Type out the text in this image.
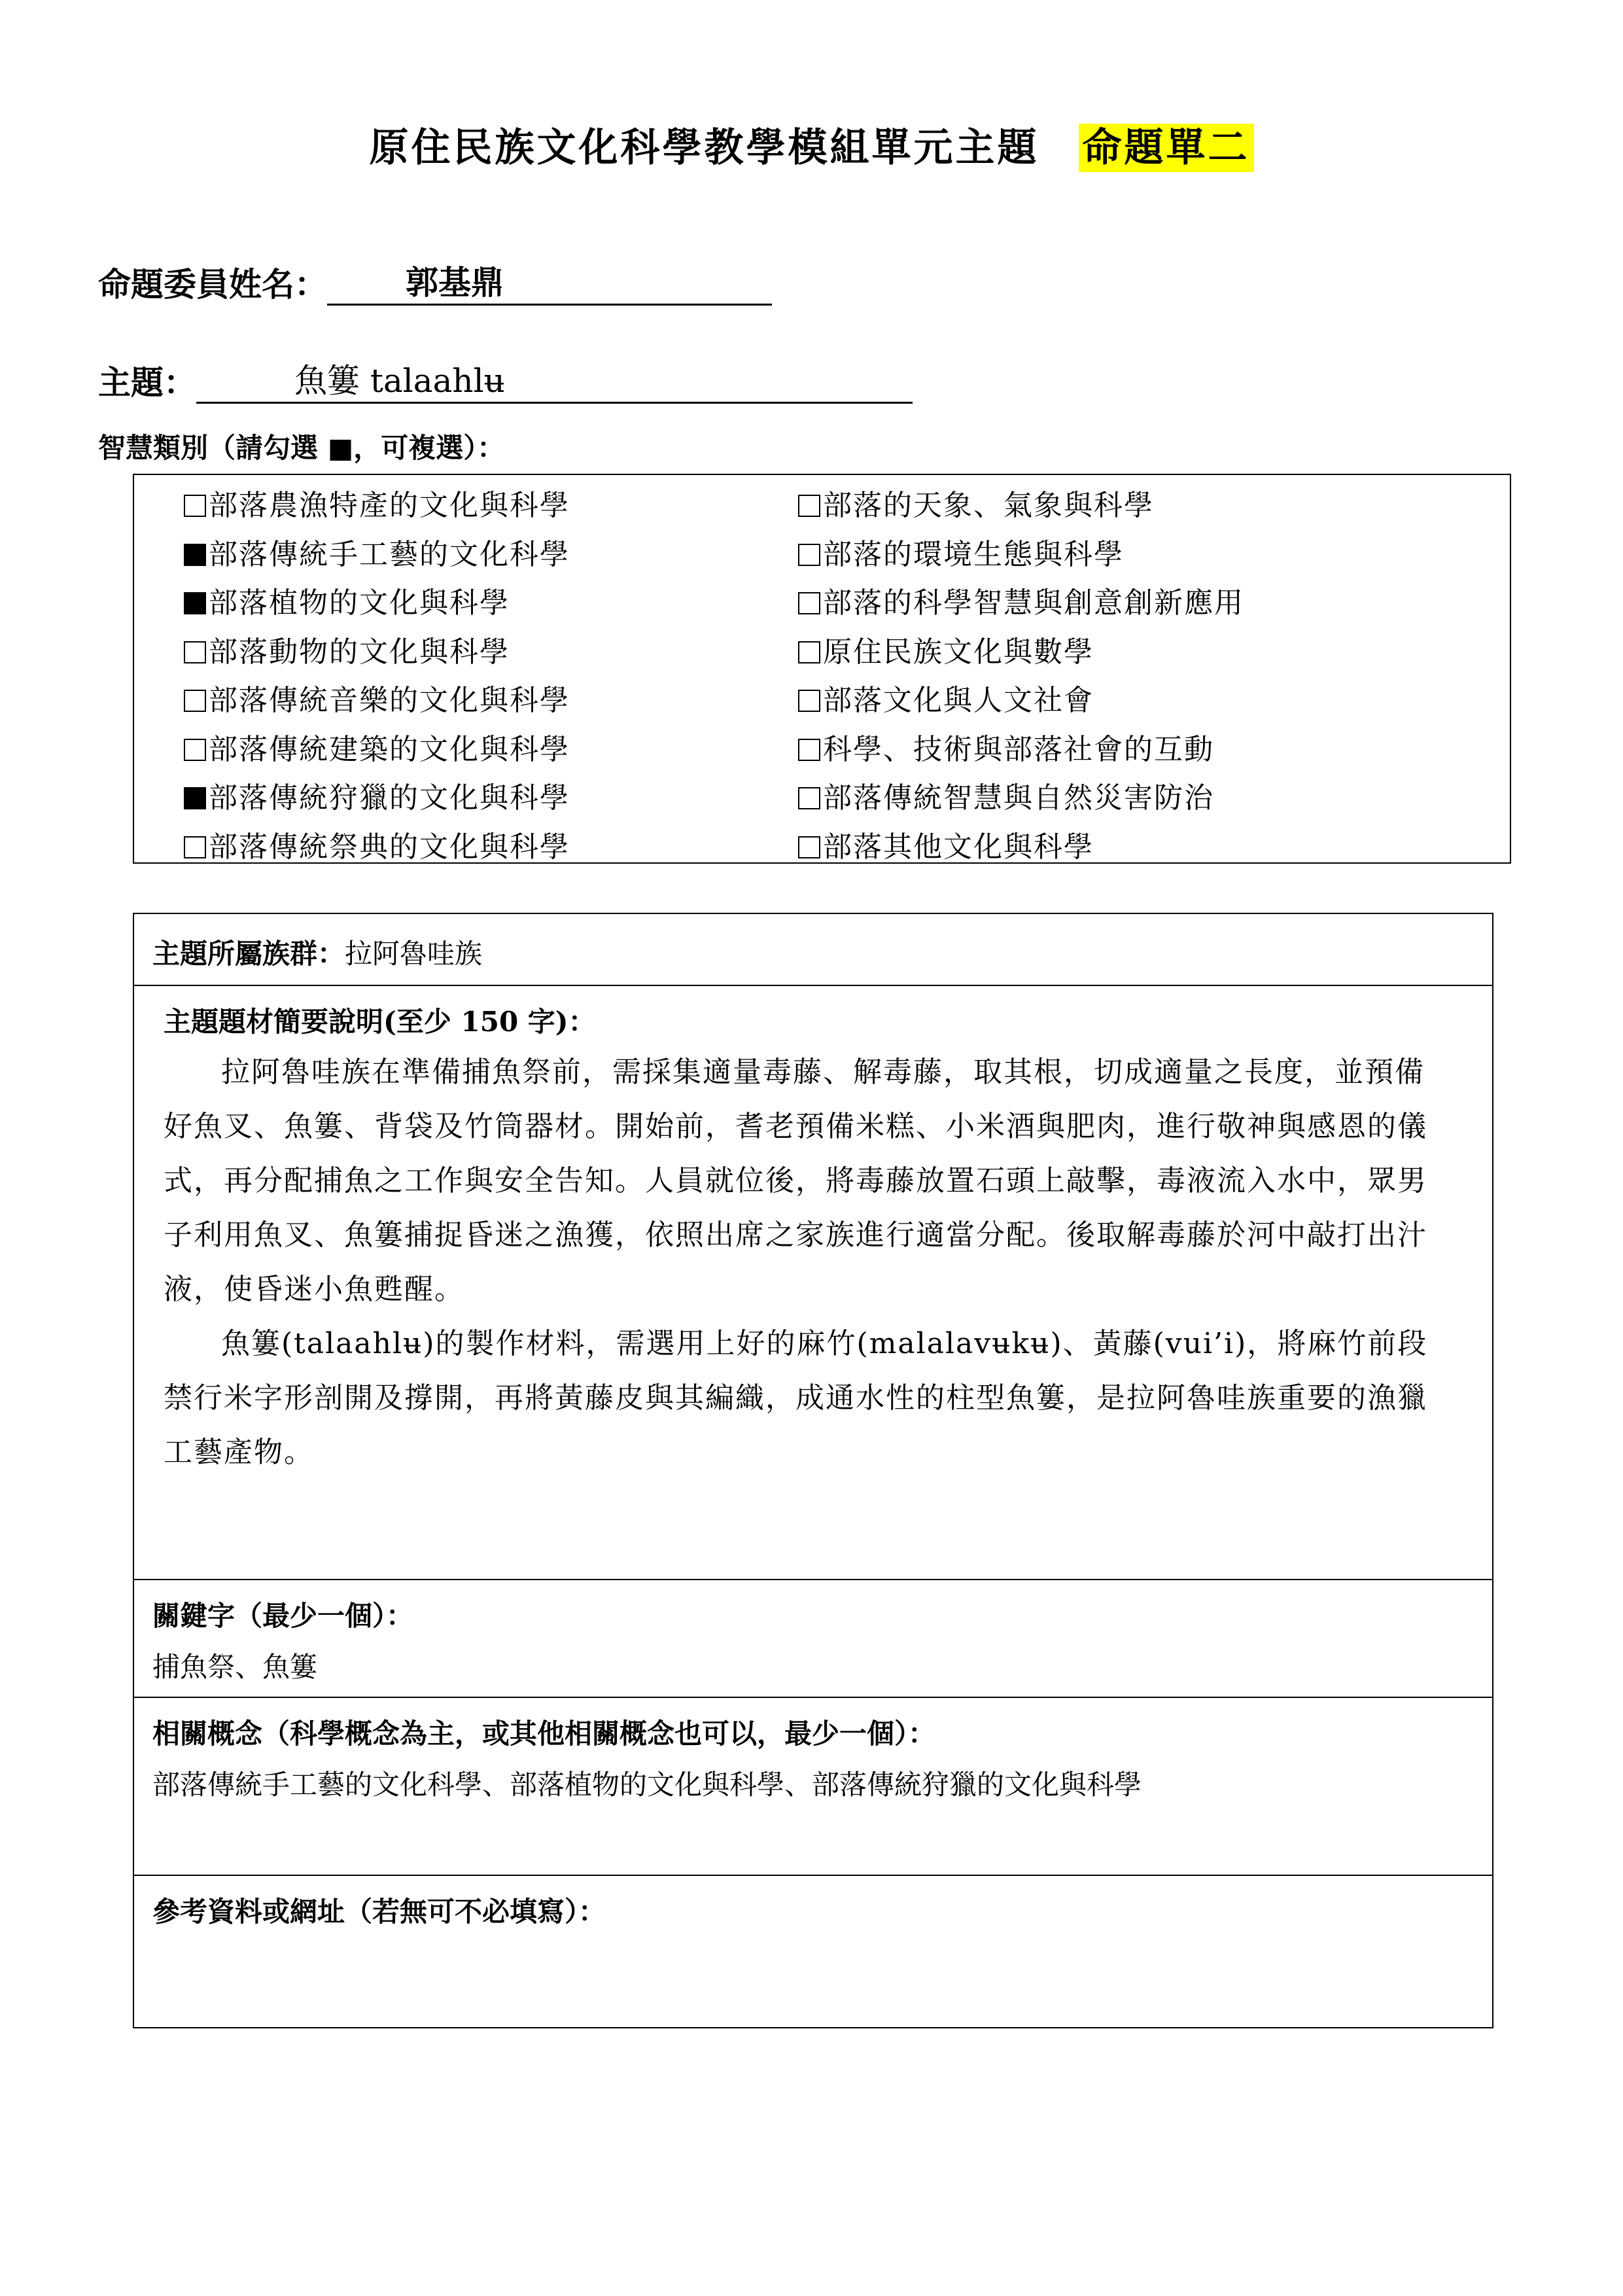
原住民族文化科學教學模組單元主題 命題單二
命題委員姓名： 郭基鼎
主題：	魚簍 talaahlʉ
智慧類別（請勾選 ■，可複選）：
部落農漁特產的文化與科學
部落傳統手工藝的文化科學
部落植物的文化與科學
部落動物的文化與科學
部落傳統音樂的文化與科學
部落傳統建築的文化與科學
部落傳統狩獵的文化與科學
部落傳統祭典的文化與科學
部落的天象、氣象與科學
部落的環境生態與科學
部落的科學智慧與創意創新應用
原住民族文化與數學
部落文化與人文社會
科學、技術與部落社會的互動
部落傳統智慧與自然災害防治
部落其他文化與科學
主題所屬族群：拉阿魯哇族
主題題材簡要說明(至少 150 字)：

拉阿魯哇族在準備捕魚祭前，需採集適量毒藤、解毒藤，取其根，切成適量之長度，並預備好魚叉、魚簍、背袋及竹筒器材。開始前，耆老預備米糕、小米酒與肥肉，進行敬神與感恩的儀式，再分配捕魚之工作與安全告知。人員就位後，將毒藤放置石頭上敲擊，毒液流入水中，眾男子利用魚叉、魚簍捕捉昏迷之漁獲，依照出席之家族進行適當分配。後取解毒藤於河中敲打出汁液，使昏迷小魚甦醒。

魚簍(talaahlʉ)的製作材料，需選用上好的麻竹(malalavʉkʉ)、黃藤(vui’i)，將麻竹前段禁行米字形剖開及撐開，再將黃藤皮與其編織，成通水性的柱型魚簍，是拉阿魯哇族重要的漁獵工藝產物。

關鍵字（最少一個）：
捕魚祭、魚簍
相關概念（科學概念為主，或其他相關概念也可以，最少一個）：
部落傳統手工藝的文化科學、部落植物的文化與科學、部落傳統狩獵的文化與科學
參考資料或網址（若無可不必填寫）：
